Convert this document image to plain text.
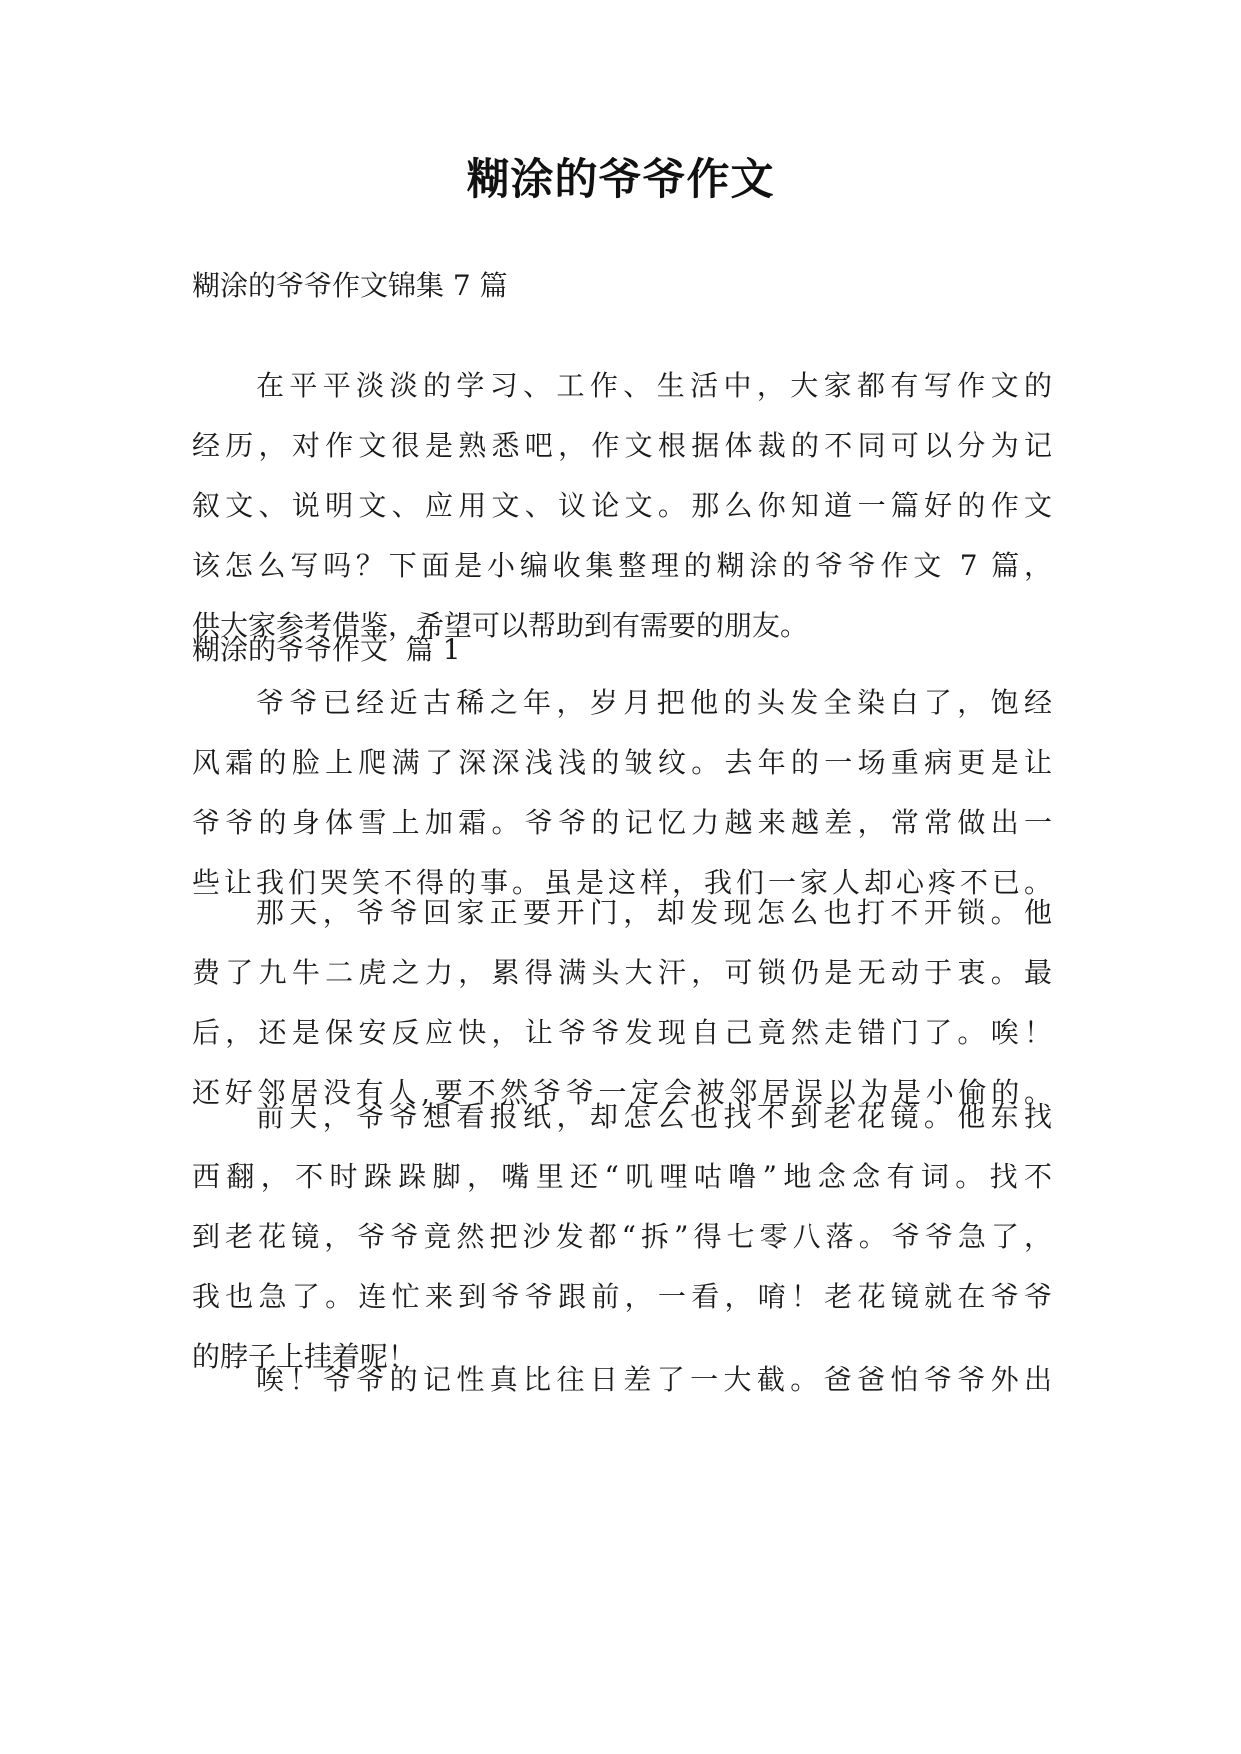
糊涂的爷爷作文
糊涂的爷爷作文锦集 7 篇
在平平淡淡的学习、工作、生活中，大家都有写作文的
经历，对作文很是熟悉吧，作文根据体裁的不同可以分为记
叙文、说明文、应用文、议论文。那么你知道一篇好的作文
该怎么写吗？下面是小编收集整理的糊涂的爷爷作文 7 篇，
供大家参考借鉴，希望可以帮助到有需要的朋友。
糊涂的爷爷作文  篇 1
爷爷已经近古稀之年，岁月把他的头发全染白了，饱经
风霜的脸上爬满了深深浅浅的皱纹。去年的一场重病更是让
爷爷的身体雪上加霜。爷爷的记忆力越来越差，常常做出一
些让我们哭笑不得的事。虽是这样，我们一家人却心疼不已。
那天，爷爷回家正要开门，却发现怎么也打不开锁。他
费了九牛二虎之力，累得满头大汗，可锁仍是无动于衷。最
后，还是保安反应快，让爷爷发现自己竟然走错门了。唉！
还好邻居没有人,要不然爷爷一定会被邻居误以为是小偷的。
前天，爷爷想看报纸，却怎么也找不到老花镜。他东找
西翻，不时跺跺脚，嘴里还“叽哩咕噜”地念念有词。找不
到老花镜，爷爷竟然把沙发都“拆”得七零八落。爷爷急了，
我也急了。连忙来到爷爷跟前，一看，唷！老花镜就在爷爷
的脖子上挂着呢！
唉！爷爷的记性真比往日差了一大截。爸爸怕爷爷外出
